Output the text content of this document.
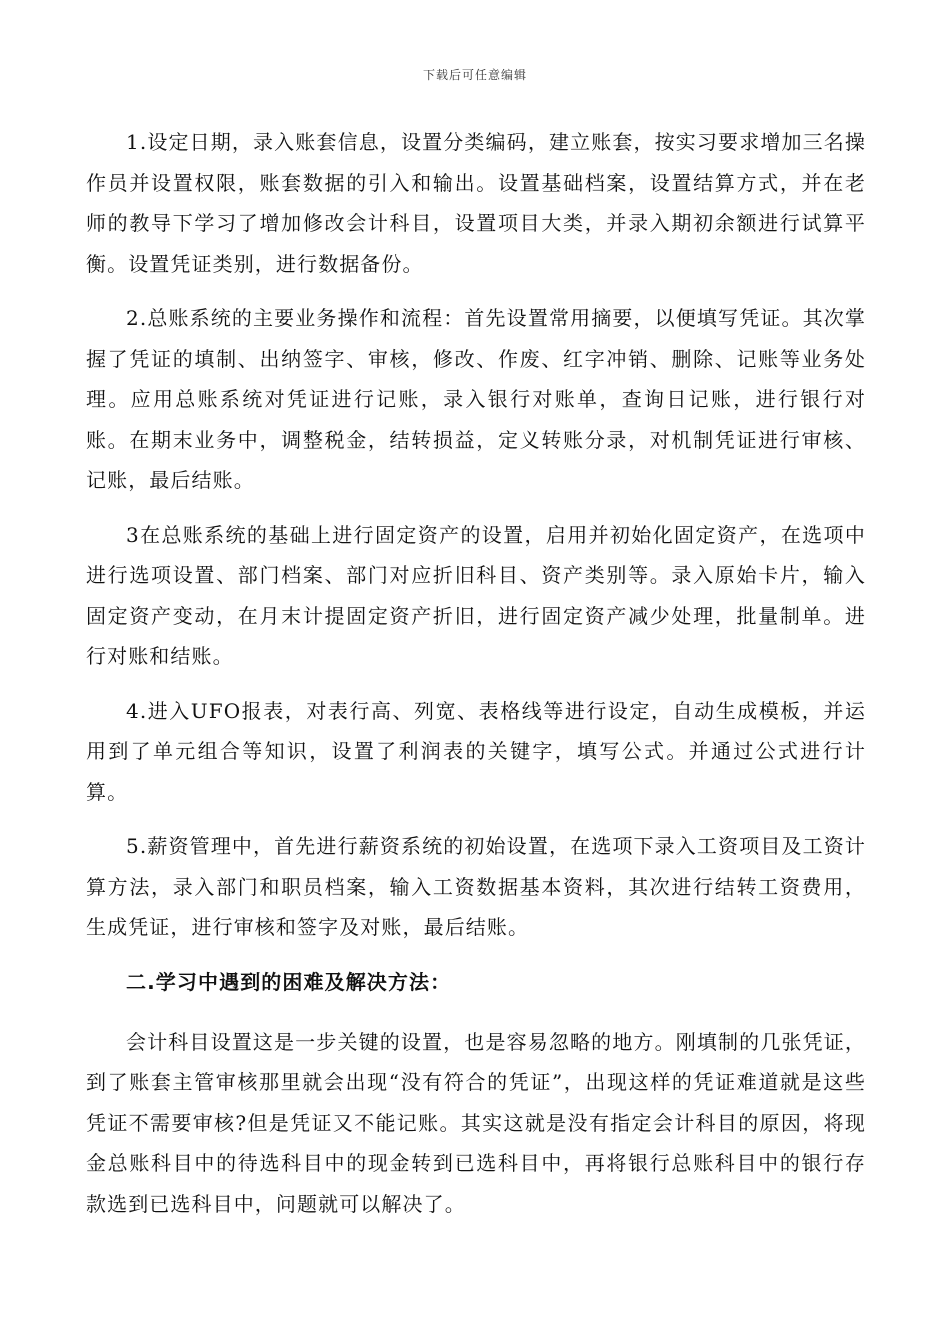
下载后可任意编辑

1.设定日期，录入账套信息，设置分类编码，建立账套，按实习要求增加三名操作员并设置权限，账套数据的引入和输出。设置基础档案，设置结算方式，并在老师的教导下学习了增加修改会计科目，设置项目大类，并录入期初余额进行试算平衡。设置凭证类别，进行数据备份。

2.总账系统的主要业务操作和流程：首先设置常用摘要，以便填写凭证。其次掌握了凭证的填制、出纳签字、审核，修改、作废、红字冲销、删除、记账等业务处理。应用总账系统对凭证进行记账，录入银行对账单，查询日记账，进行银行对账。在期末业务中，调整税金，结转损益，定义转账分录，对机制凭证进行审核、记账，最后结账。

3在总账系统的基础上进行固定资产的设置，启用并初始化固定资产，在选项中进行选项设置、部门档案、部门对应折旧科目、资产类别等。录入原始卡片，输入固定资产变动，在月末计提固定资产折旧，进行固定资产减少处理，批量制单。进行对账和结账。

4.进入UFO报表，对表行高、列宽、表格线等进行设定，自动生成模板，并运用到了单元组合等知识，设置了利润表的关键字，填写公式。并通过公式进行计算。

5.薪资管理中，首先进行薪资系统的初始设置，在选项下录入工资项目及工资计算方法，录入部门和职员档案，输入工资数据基本资料，其次进行结转工资费用，生成凭证，进行审核和签字及对账，最后结账。

二.学习中遇到的困难及解决方法：

会计科目设置这是一步关键的设置，也是容易忽略的地方。刚填制的几张凭证，到了账套主管审核那里就会出现“没有符合的凭证”，出现这样的凭证难道就是这些凭证不需要审核?但是凭证又不能记账。其实这就是没有指定会计科目的原因，将现金总账科目中的待选科目中的现金转到已选科目中，再将银行总账科目中的银行存款选到已选科目中，问题就可以解决了。
